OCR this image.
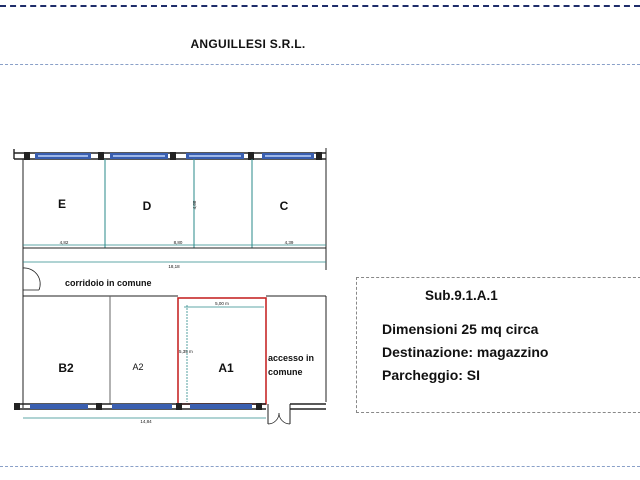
ANGUILLESI S.R.L.
4,82	8,80	4,39
4,88
18,18
5,00 m
5,35 m
14,84
E	D	C
B2	A2	A1
corridoio in comune
accesso in
comune
Sub.9.1.A.1
Dimensioni 25 mq circa
Destinazione: magazzino
Parcheggio: SI
